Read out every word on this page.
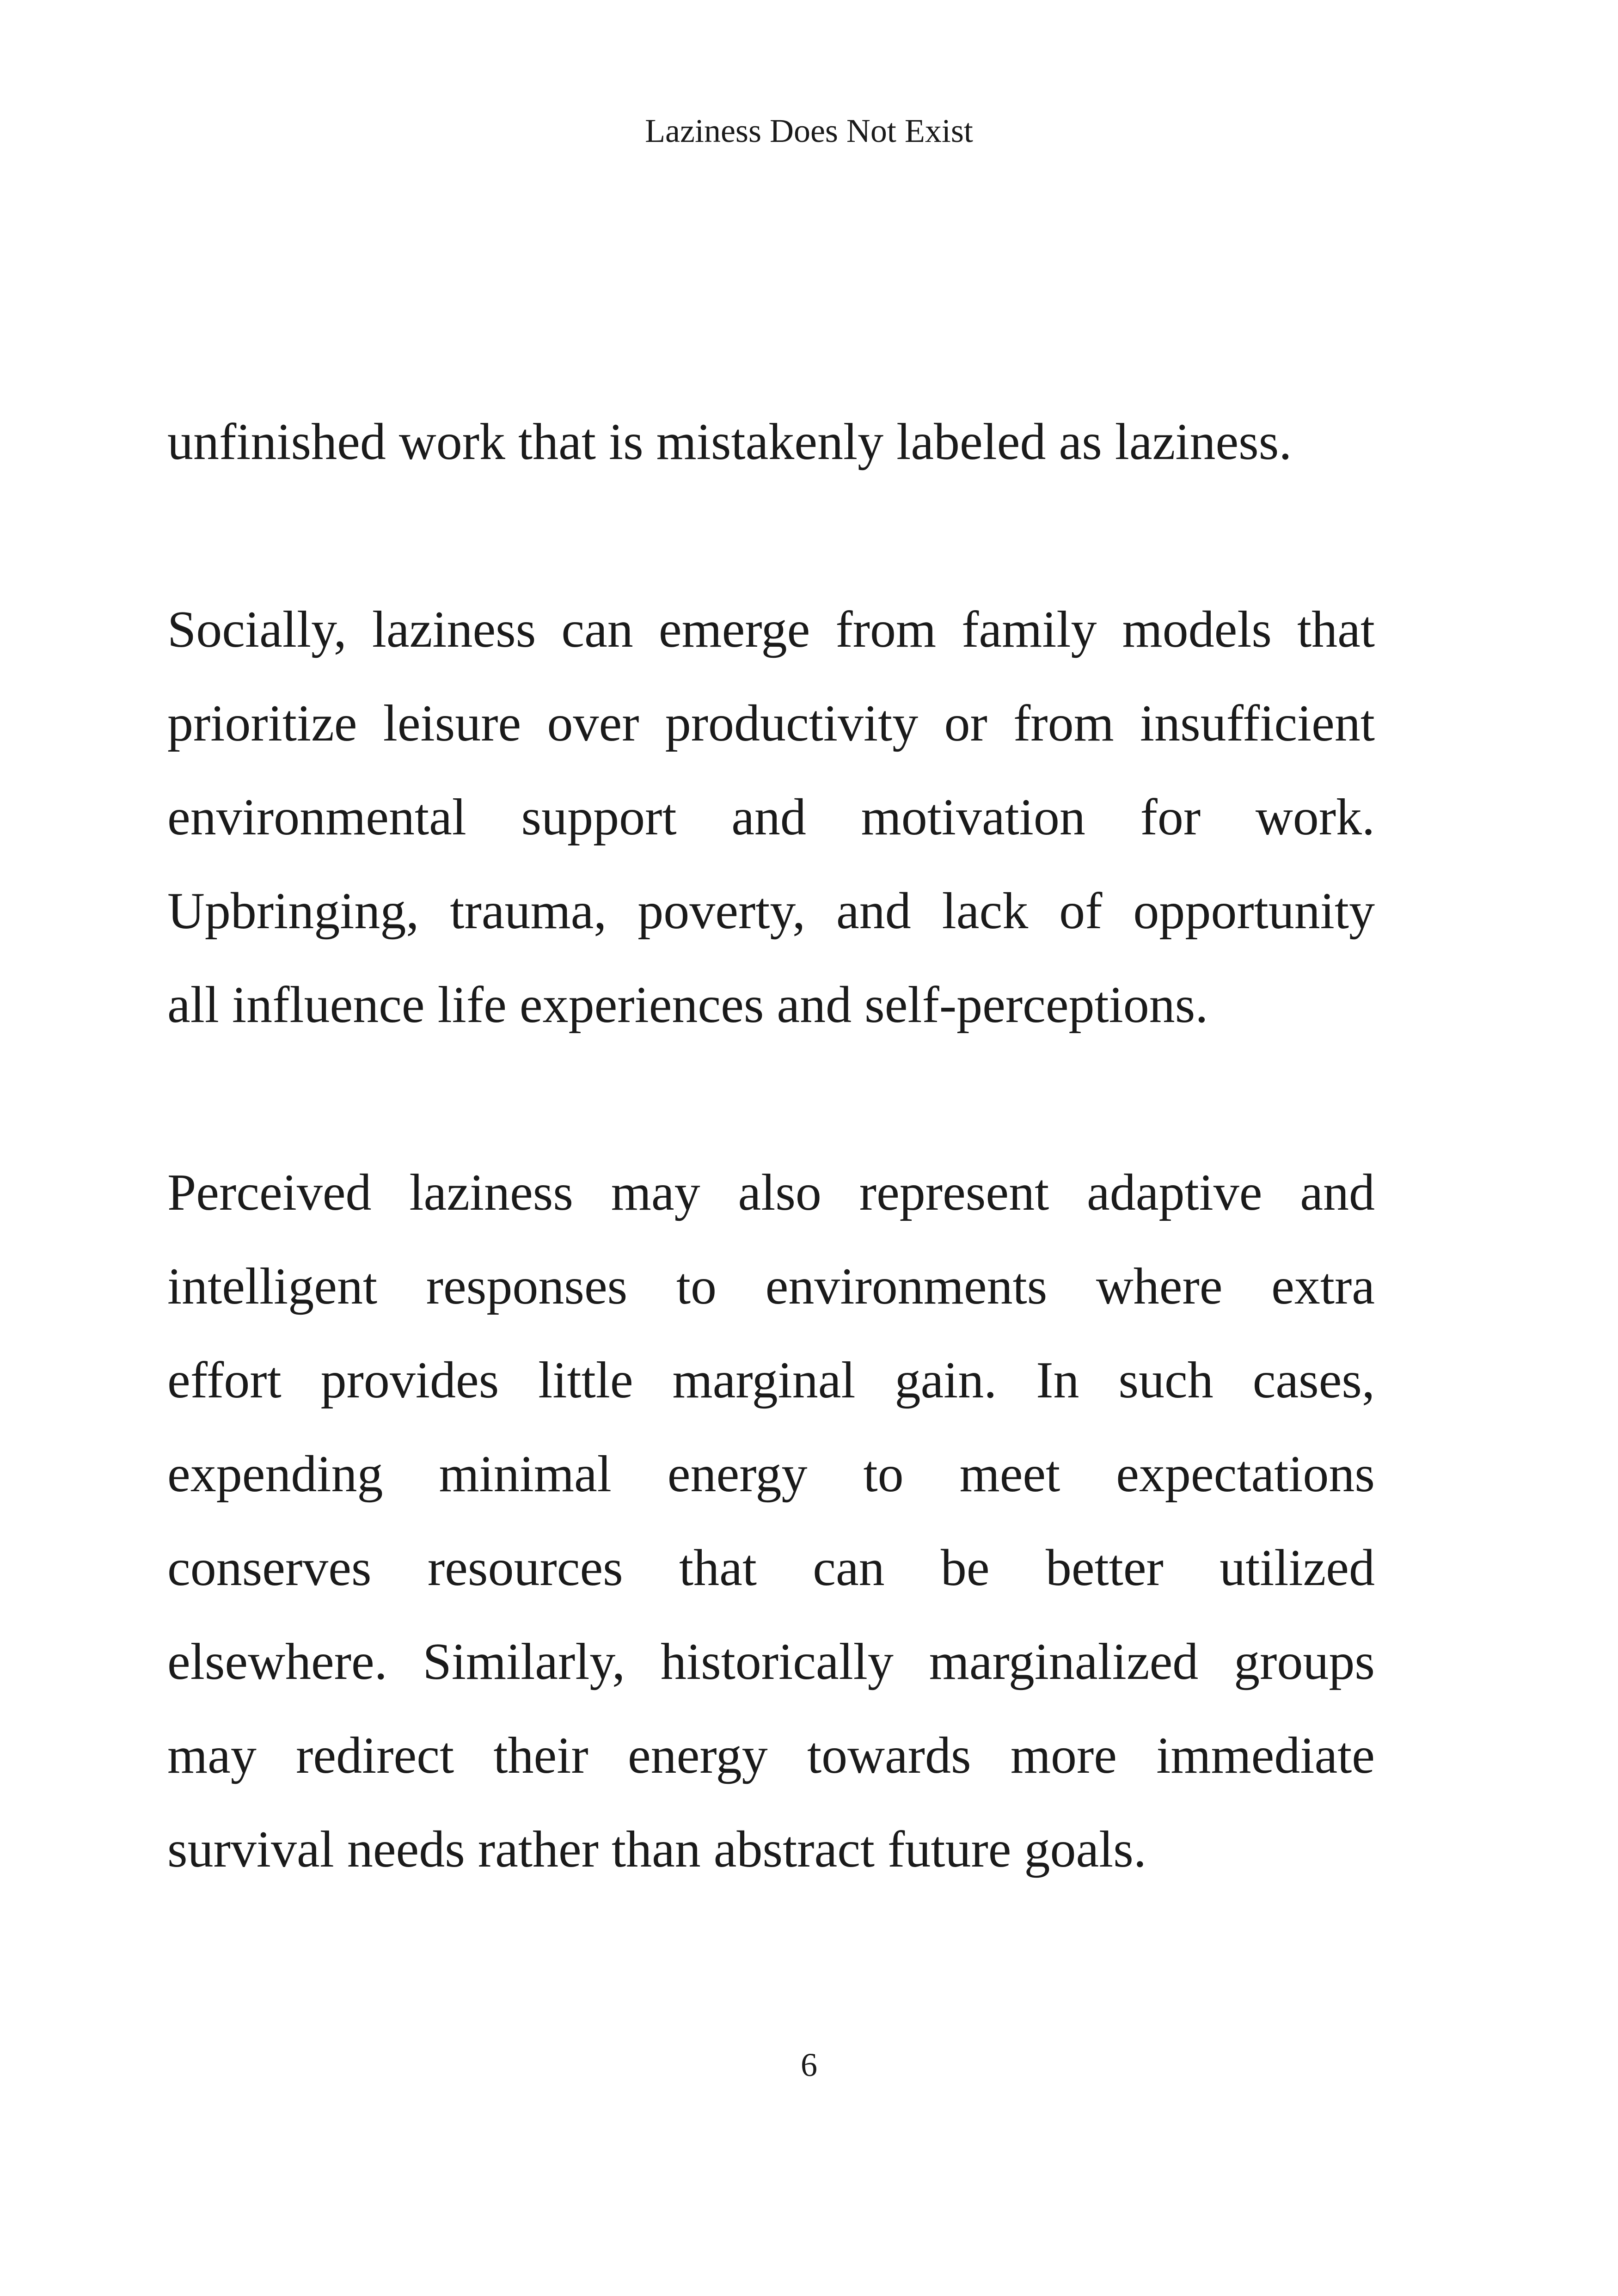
Laziness Does Not Exist

unfinished work that is mistakenly labeled as laziness.

Socially, laziness can emerge from family models that
prioritize leisure over productivity or from insufficient
environmental support and motivation for work.
Upbringing, trauma, poverty, and lack of opportunity
all influence life experiences and self-perceptions.

Perceived laziness may also represent adaptive and
intelligent responses to environments where extra
effort provides little marginal gain. In such cases,
expending minimal energy to meet expectations
conserves resources that can be better utilized
elsewhere. Similarly, historically marginalized groups
may redirect their energy towards more immediate
survival needs rather than abstract future goals.

6
